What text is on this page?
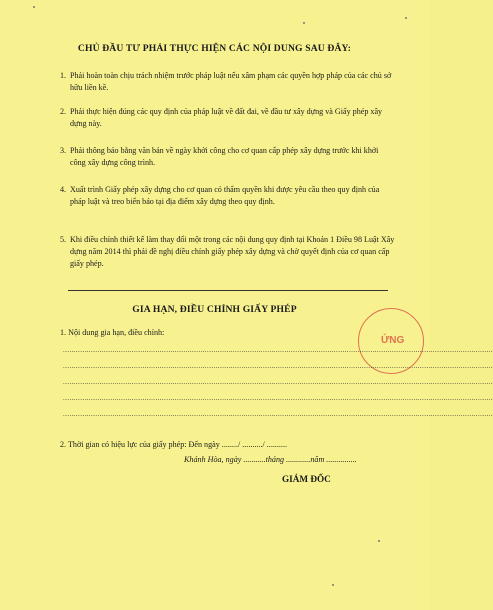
CHỦ ĐẦU TƯ PHẢI THỰC HIỆN CÁC NỘI DUNG SAU ĐÂY:
1. Phải hoàn toàn chịu trách nhiệm trước pháp luật nếu xâm phạm các quyền hợp pháp của các chủ sở hữu liền kề.
2. Phải thực hiện đúng các quy định của pháp luật về đất đai, về đầu tư xây dựng và Giấy phép xây dựng này.
3. Phải thông báo bằng văn bản về ngày khởi công cho cơ quan cấp phép xây dựng trước khi khởi công xây dựng công trình.
4. Xuất trình Giấy phép xây dựng cho cơ quan có thẩm quyền khi được yêu cầu theo quy định của pháp luật và treo biển báo tại địa điểm xây dựng theo quy định.
5. Khi điều chỉnh thiết kế làm thay đổi một trong các nội dung quy định tại Khoản 1 Điều 98 Luật Xây dựng năm 2014 thì phải đề nghị điều chỉnh giấy phép xây dựng và chờ quyết định của cơ quan cấp giấy phép.
GIA HẠN, ĐIỀU CHỈNH GIẤY PHÉP
ỨNG
1. Nội dung gia hạn, điều chỉnh:
........................................................................................................................................................................................................
........................................................................................................................................................................................................
........................................................................................................................................................................................................
........................................................................................................................................................................................................
........................................................................................................................................................................................................
2. Thời gian có hiệu lực của giấy phép: Đến ngày ......../ ........../ ..........
Khánh Hòa, ngày ...........tháng ............năm ...............
GIÁM ĐỐC
